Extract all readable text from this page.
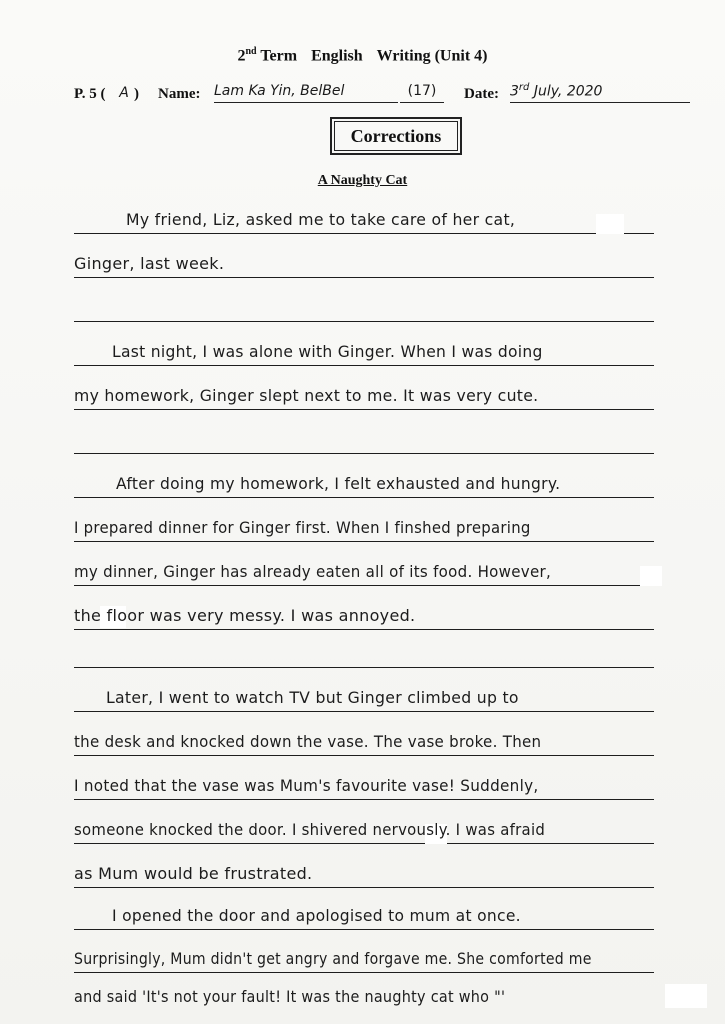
2nd Term English Writing (Unit 4)
P. 5 ( A ) Name: Lam Ka Yin, BelBel	(17)	Date: 3rd July, 2020
Corrections
A Naughty Cat
My friend, Liz, asked me to take care of her cat,
Ginger, last week.
Last night, I was alone with Ginger. When I was doing
my homework, Ginger slept next to me. It was very cute.
After doing my homework, I felt exhausted and hungry.
I prepared dinner for Ginger first. When I finshed preparing
my dinner, Ginger has already eaten all of its food. However,
the floor was very messy. I was annoyed.
Later, I went to watch TV but Ginger climbed up to
the desk and knocked down the vase. The vase broke. Then
I noted that the vase was Mum's favourite vase! Suddenly,
someone knocked the door. I shivered nervously. I was afraid
as Mum would be frustrated.
I opened the door and apologised to mum at once.
Surprisingly, Mum didn't get angry and forgave me. She comforted me
and said 'It's not your fault! It was the naughty cat who "'
